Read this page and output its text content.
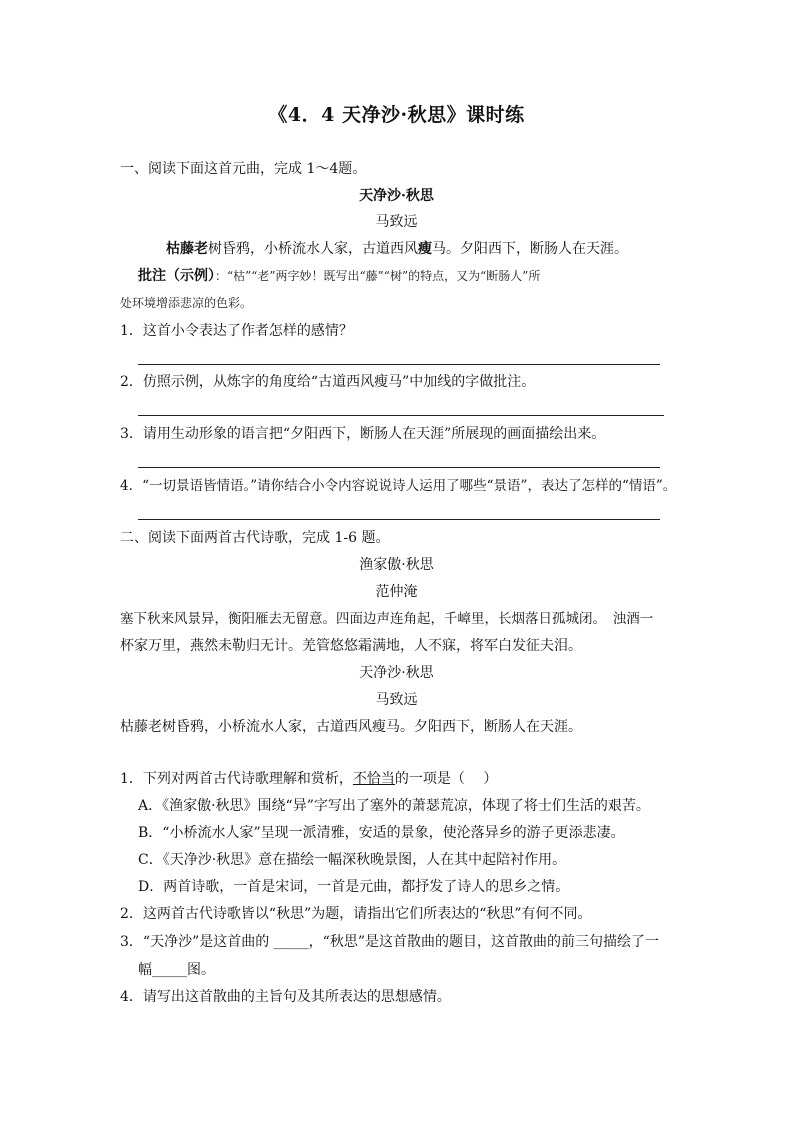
《4．4 天净沙·秋思》课时练
一、阅读下面这首元曲，完成 1～4题。
天净沙·秋思
马致远
枯藤老树昏鸦，小桥流水人家，古道西风瘦马。夕阳西下，断肠人在天涯。
批注（示例）：“枯”“老”两字妙！既写出“藤”“树”的特点，又为“断肠人”所
处环境增添悲凉的色彩。
1．这首小令表达了作者怎样的感情？
2．仿照示例，从炼字的角度给“古道西风瘦马”中加线的字做批注。
3．请用生动形象的语言把“夕阳西下，断肠人在天涯”所展现的画面描绘出来。
4．“一切景语皆情语。”请你结合小令内容说说诗人运用了哪些“景语”，表达了怎样的“情语”。
二、阅读下面两首古代诗歌，完成 1-6 题。
渔家傲·秋思
范仲淹
塞下秋来风景异，衡阳雁去无留意。四面边声连角起，千嶂里，长烟落日孤城闭。　浊酒一
杯家万里，燕然未勒归无计。羌管悠悠霜满地，人不寐，将军白发征夫泪。
天净沙·秋思
马致远
枯藤老树昏鸦，小桥流水人家，古道西风瘦马。夕阳西下，断肠人在天涯。
1．下列对两首古代诗歌理解和赏析，不恰当的一项是（　 ）
A．《渔家傲·秋思》围绕“异”字写出了塞外的萧瑟荒凉，体现了将士们生活的艰苦。
B．“小桥流水人家”呈现一派清雅，安适的景象，使沦落异乡的游子更添悲凄。
C．《天净沙·秋思》意在描绘一幅深秋晚景图，人在其中起陪衬作用。
D．两首诗歌，一首是宋词，一首是元曲，都抒发了诗人的思乡之情。
2．这两首古代诗歌皆以“秋思”为题，请指出它们所表达的“秋思”有何不同。
3．“天净沙”是这首曲的 _____，“秋思”是这首散曲的题目，这首散曲的前三句描绘了一
幅_____图。
4．请写出这首散曲的主旨句及其所表达的思想感情。
